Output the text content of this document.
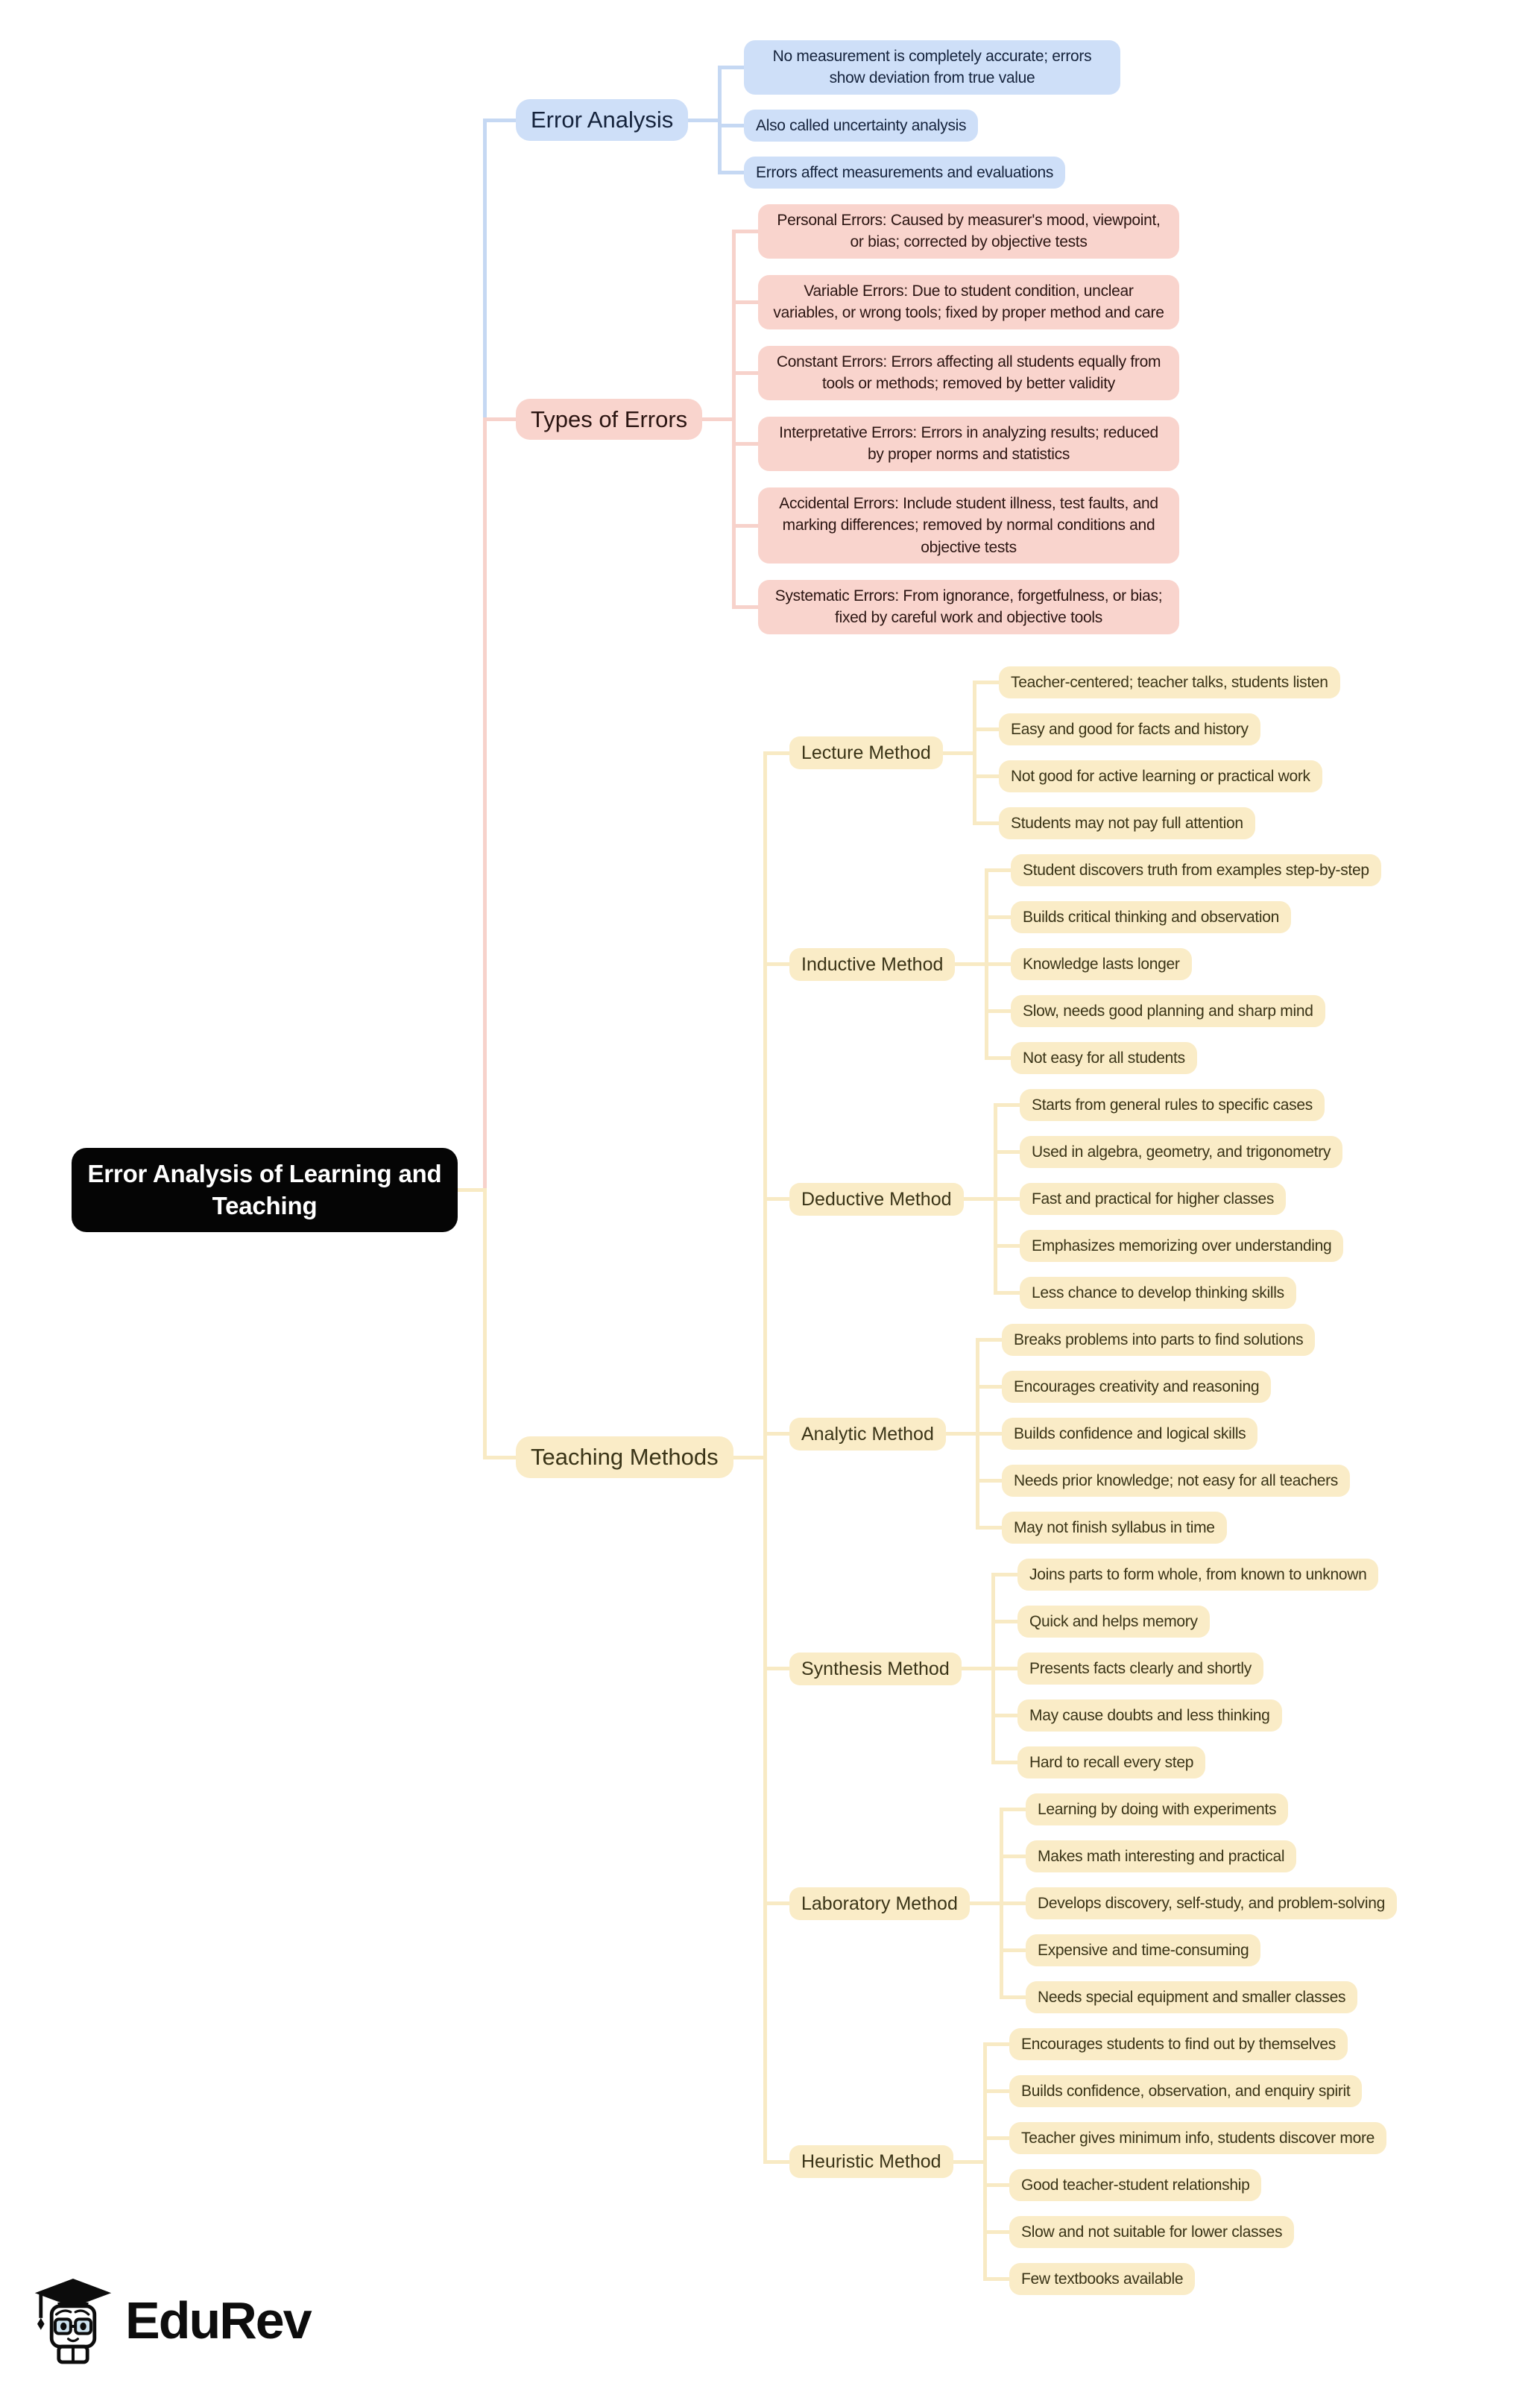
Error Analysis of Learning and Teaching
EduRev
Error Analysis
No measurement is completely accurate; errors show deviation from true value
Also called uncertainty analysis
Errors affect measurements and evaluations
Types of Errors
Personal Errors: Caused by measurer's mood, viewpoint, or bias; corrected by objective tests
Variable Errors: Due to student condition, unclear variables, or wrong tools; fixed by proper method and care
Constant Errors: Errors affecting all students equally from tools or methods; removed by better validity
Interpretative Errors: Errors in analyzing results; reduced by proper norms and statistics
Accidental Errors: Include student illness, test faults, and marking differences; removed by normal conditions and objective tests
Systematic Errors: From ignorance, forgetfulness, or bias; fixed by careful work and objective tools
Teaching Methods
Lecture Method
Teacher-centered; teacher talks, students listen
Easy and good for facts and history
Not good for active learning or practical work
Students may not pay full attention
Inductive Method
Student discovers truth from examples step-by-step
Builds critical thinking and observation
Knowledge lasts longer
Slow, needs good planning and sharp mind
Not easy for all students
Deductive Method
Starts from general rules to specific cases
Used in algebra, geometry, and trigonometry
Fast and practical for higher classes
Emphasizes memorizing over understanding
Less chance to develop thinking skills
Analytic Method
Breaks problems into parts to find solutions
Encourages creativity and reasoning
Builds confidence and logical skills
Needs prior knowledge; not easy for all teachers
May not finish syllabus in time
Synthesis Method
Joins parts to form whole, from known to unknown
Quick and helps memory
Presents facts clearly and shortly
May cause doubts and less thinking
Hard to recall every step
Laboratory Method
Learning by doing with experiments
Makes math interesting and practical
Develops discovery, self-study, and problem-solving
Expensive and time-consuming
Needs special equipment and smaller classes
Heuristic Method
Encourages students to find out by themselves
Builds confidence, observation, and enquiry spirit
Teacher gives minimum info, students discover more
Good teacher-student relationship
Slow and not suitable for lower classes
Few textbooks available
